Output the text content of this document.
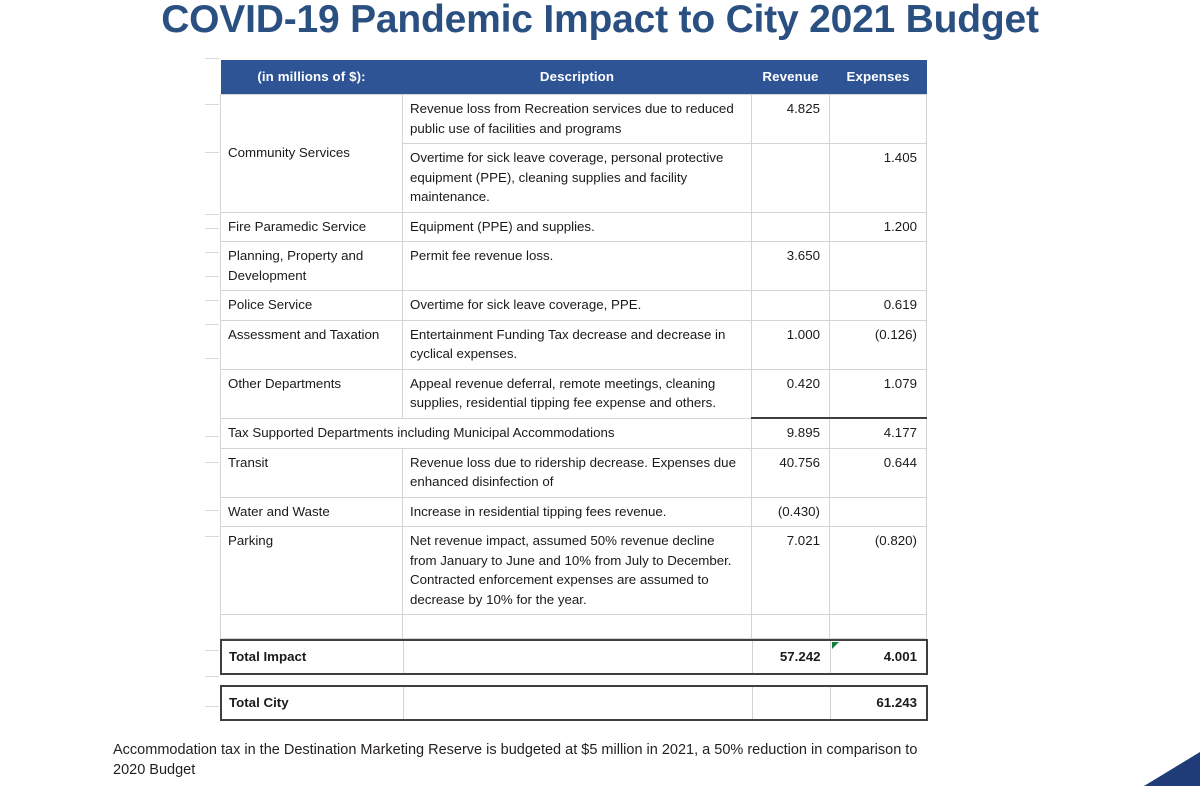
COVID-19 Pandemic Impact to City 2021 Budget
(in millions of $):	Description	Revenue	Expenses
Community Services	Revenue loss from Recreation services due to reduced public use of facilities and programs	4.825	
	Overtime for sick leave coverage, personal protective equipment (PPE), cleaning supplies and facility maintenance.		1.405
Fire Paramedic Service	Equipment (PPE) and supplies.		1.200
Planning, Property and Development	Permit fee revenue loss.	3.650	
Police Service	Overtime for sick leave coverage, PPE.		0.619
Assessment and Taxation	Entertainment Funding Tax decrease and decrease in cyclical expenses.	1.000	(0.126)
Other Departments	Appeal revenue deferral, remote meetings, cleaning supplies, residential tipping fee expense and others.	0.420	1.079
Tax Supported Departments including Municipal Accommodations		9.895	4.177
Transit	Revenue loss due to ridership decrease. Expenses due enhanced disinfection of	40.756	0.644
Water and Waste	Increase in residential tipping fees revenue.	(0.430)	
Parking	Net revenue impact, assumed 50% revenue decline from January to June and 10% from July to December. Contracted enforcement expenses are assumed to decrease by 10% for the year.	7.021	(0.820)

Total Impact		57.242	4.001
Total City			61.243
Accommodation tax in the Destination Marketing Reserve is budgeted at $5 million in 2021, a 50% reduction in comparison to 2020 Budget
